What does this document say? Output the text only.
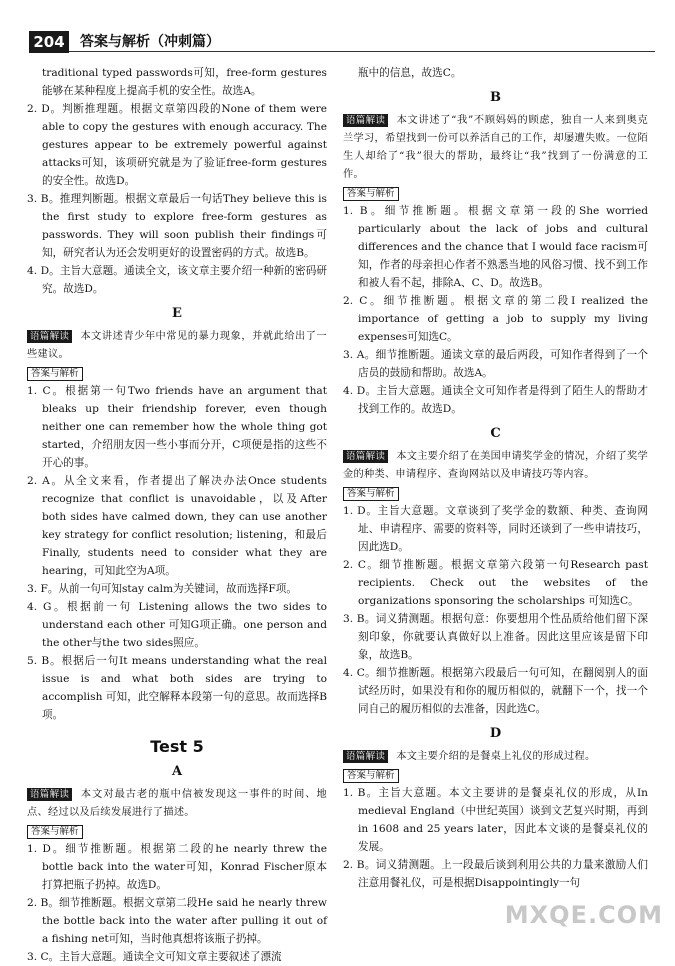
204	答案与解析（冲刺篇）

traditional typed passwords可知，free-form gestures能够在某种程度上提高手机的安全性。故选A。

2. D。判断推理题。根据文章第四段的None of them were able to copy the gestures with enough accuracy. The gestures appear to be extremely powerful against attacks可知，该项研究就是为了验证free-form gestures的安全性。故选D。

3. B。推理判断题。根据文章最后一句话They believe this is the first study to explore free-form gestures as passwords. They will soon publish their findings可知，研究者认为还会发明更好的设置密码的方式。故选B。

4. D。主旨大意题。通读全文，该文章主要介绍一种新的密码研究。故选D。

E

语篇解读 本文讲述青少年中常见的暴力现象，并就此给出了一些建议。

答案与解析

1. C。根据第一句Two friends have an argument that bleaks up their friendship forever, even though neither one can remember how the whole thing got started，介绍朋友因一些小事而分开，C项便是指的这些不开心的事。

2. A。从全文来看，作者提出了解决办法Once students recognize that conflict is unavoidable，以及After both sides have calmed down, they can use another key strategy for conflict resolution; listening，和最后Finally, students need to consider what they are hearing，可知此空为A项。

3. F。从前一句可知stay calm为关键词，故而选择F项。

4. G。根据前一句 Listening allows the two sides to understand each other 可知G项正确。one person and the other与the two sides照应。

5. B。根据后一句It means understanding what the real issue is and what both sides are trying to accomplish 可知，此空解释本段第一句的意思。故而选择B项。

Test 5
A

语篇解读 本文对最古老的瓶中信被发现这一事件的时间、地点、经过以及后续发展进行了描述。

答案与解析

1. D。细节推断题。根据第二段的he nearly threw the bottle back into the water可知，Konrad Fischer原本打算把瓶子扔掉。故选D。

2. B。细节推断题。根据文章第二段He said he nearly threw the bottle back into the water after pulling it out of a fishing net可知，当时他真想将该瓶子扔掉。

3. C。主旨大意题。通读全文可知文章主要叙述了漂流

瓶中的信息，故选C。

B

语篇解读 本文讲述了“我”不顾妈妈的顾虑，独自一人来到奥克兰学习，希望找到一份可以养活自己的工作，却屡遭失败。一位陌生人却给了“我”很大的帮助，最终让“我”找到了一份满意的工作。

答案与解析

1. B。细节推断题。根据文章第一段的She worried particularly about the lack of jobs and cultural differences and the chance that I would face racism可知，作者的母亲担心作者不熟悉当地的风俗习惯、找不到工作和被人看不起，排除A、C、D。故选B。

2. C。细节推断题。根据文章的第二段I realized the importance of getting a job to supply my living expenses可知选C。

3. A。细节推断题。通读文章的最后两段，可知作者得到了一个店员的鼓励和帮助。故选A。

4. D。主旨大意题。通读全文可知作者是得到了陌生人的帮助才找到工作的。故选D。

C

语篇解读 本文主要介绍了在美国申请奖学金的情况，介绍了奖学金的种类、申请程序、查询网站以及申请技巧等内容。

答案与解析

1. D。主旨大意题。文章谈到了奖学金的数额、种类、查询网址、申请程序、需要的资料等，同时还谈到了一些申请技巧，因此选D。

2. C。细节推断题。根据文章第六段第一句Research past recipients. Check out the websites of the organizations sponsoring the scholarships 可知选C。

3. B。词义猜测题。根据句意：你要想用个性品质给他们留下深刻印象，你就要认真做好以上准备。因此这里应该是留下印象，故选B。

4. C。细节推断题。根据第六段最后一句可知，在翻阅别人的面试经历时，如果没有和你的履历相似的，就翻下一个，找一个同自己的履历相似的去准备，因此选C。

D

语篇解读 本文主要介绍的是餐桌上礼仪的形成过程。

答案与解析

1. B。主旨大意题。本文主要讲的是餐桌礼仪的形成，从In medieval England（中世纪英国）谈到文艺复兴时期，再到in 1608 and 25 years later，因此本文谈的是餐桌礼仪的发展。

2. B。词义猜测题。上一段最后谈到利用公共的力量来激励人们注意用餐礼仪，可是根据Disappointingly一句

MXQE.COM
